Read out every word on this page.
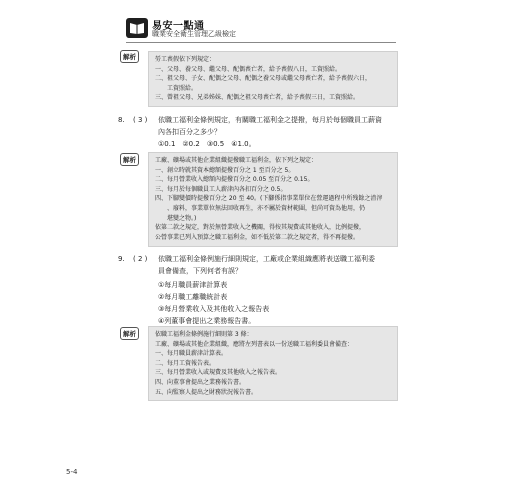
易安一點通
職業安全衛生管理乙級檢定
解析	勞工喪假依下列規定：

一、父母、養父母、繼父母、配偶喪亡者，給予喪假八日，工資照給。

二、祖父母、子女、配偶之父母、配偶之養父母或繼父母喪亡者，給予喪假六日，

　　工資照給。

三、曾祖父母、兄弟姊妹、配偶之祖父母喪亡者，給予喪假三日，工資照給。

8. ( 3 ) 依職工福利金條例規定，有關職工福利金之提撥，每月於每個職員工薪資
內各扣百分之多少？
①0.1　②0.2　③0.5　④1.0。
解析	工廠、礦場或其他企業組織提撥職工福利金，依下列之規定：

一、創立時就其資本總額提撥百分之 1 至百分之 5。

二、每月營業收入總額內提撥百分之 0.05 至百分之 0.15。

三、每月於每個職員工人薪津內各扣百分之 0.5。

四、下腳變價時提撥百分之 20 至 40。(下腳係指事業單位在營運過程中所残餘之渣滓

　　、廢料，事業單位無法回收再生，亦不屬於資材範圍，但尚可資為他用，仍

　　堪變之物。)

依第二款之規定，對於無營業收入之機關，得按其規費或其他收入，比例提撥，

公營事業已列入預算之職工福利金，如不低於第二款之規定者，得不再提撥。

9. ( 2 ) 依職工福利金條例施行細則規定，工廠或企業組織應將表送職工福利委
員會備查，下列何者有誤？
①每月職員薪津計算表
②每月職工離職統計表
③每月營業收入及其他收入之報告表
④列董事會提出之業務報告書。
解析	依職工福利金條例施行細則第 3 條：

工廠、礦場或其他企業組織，應將左列書表以一份送職工福利委員會備查：

一、每月職員薪津計算表。

二、每月工資報告表。

三、每月營業收入或規費及其他收入之報告表。

四、向董事會提出之業務報告書。

五、向監察人提出之財務狀況報告書。

5-4
